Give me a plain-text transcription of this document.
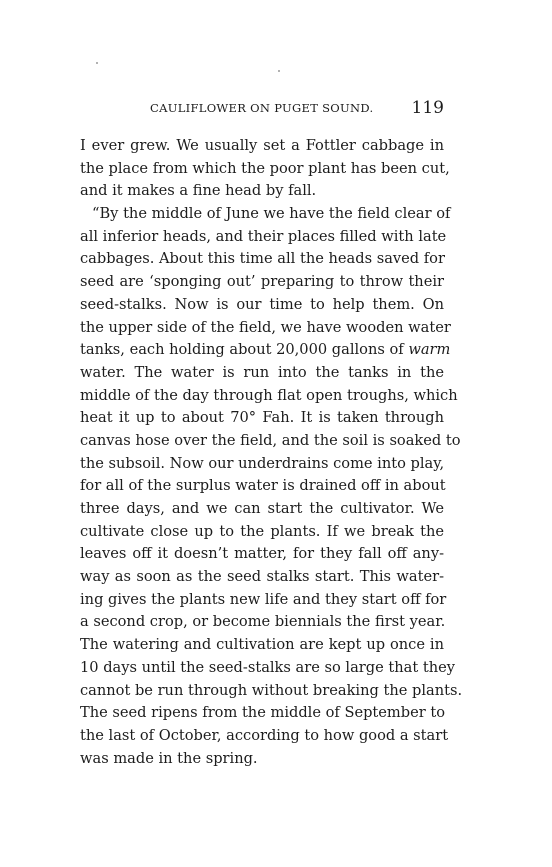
CAULIFLOWER ON PUGET SOUND. 119
I ever grew. We usually set a Fottler cabbage in
the place from which the poor plant has been cut,
and it makes a fine head by fall.
“By the middle of June we have the field clear of
all inferior heads, and their places filled with late
cabbages. About this time all the heads saved for
seed are ‘sponging out’ preparing to throw their
seed-stalks. Now is our time to help them. On
the upper side of the field, we have wooden water
tanks, each holding about 20,000 gallons of warm
water. The water is run into the tanks in the
middle of the day through flat open troughs, which
heat it up to about 70° Fah. It is taken through
canvas hose over the field, and the soil is soaked to
the subsoil. Now our underdrains come into play,
for all of the surplus water is drained off in about
three days, and we can start the cultivator. We
cultivate close up to the plants. If we break the
leaves off it doesn’t matter, for they fall off any-
way as soon as the seed stalks start. This water-
ing gives the plants new life and they start off for
a second crop, or become biennials the first year.
The watering and cultivation are kept up once in
10 days until the seed-stalks are so large that they
cannot be run through without breaking the plants.
The seed ripens from the middle of September to
the last of October, according to how good a start
was made in the spring.
